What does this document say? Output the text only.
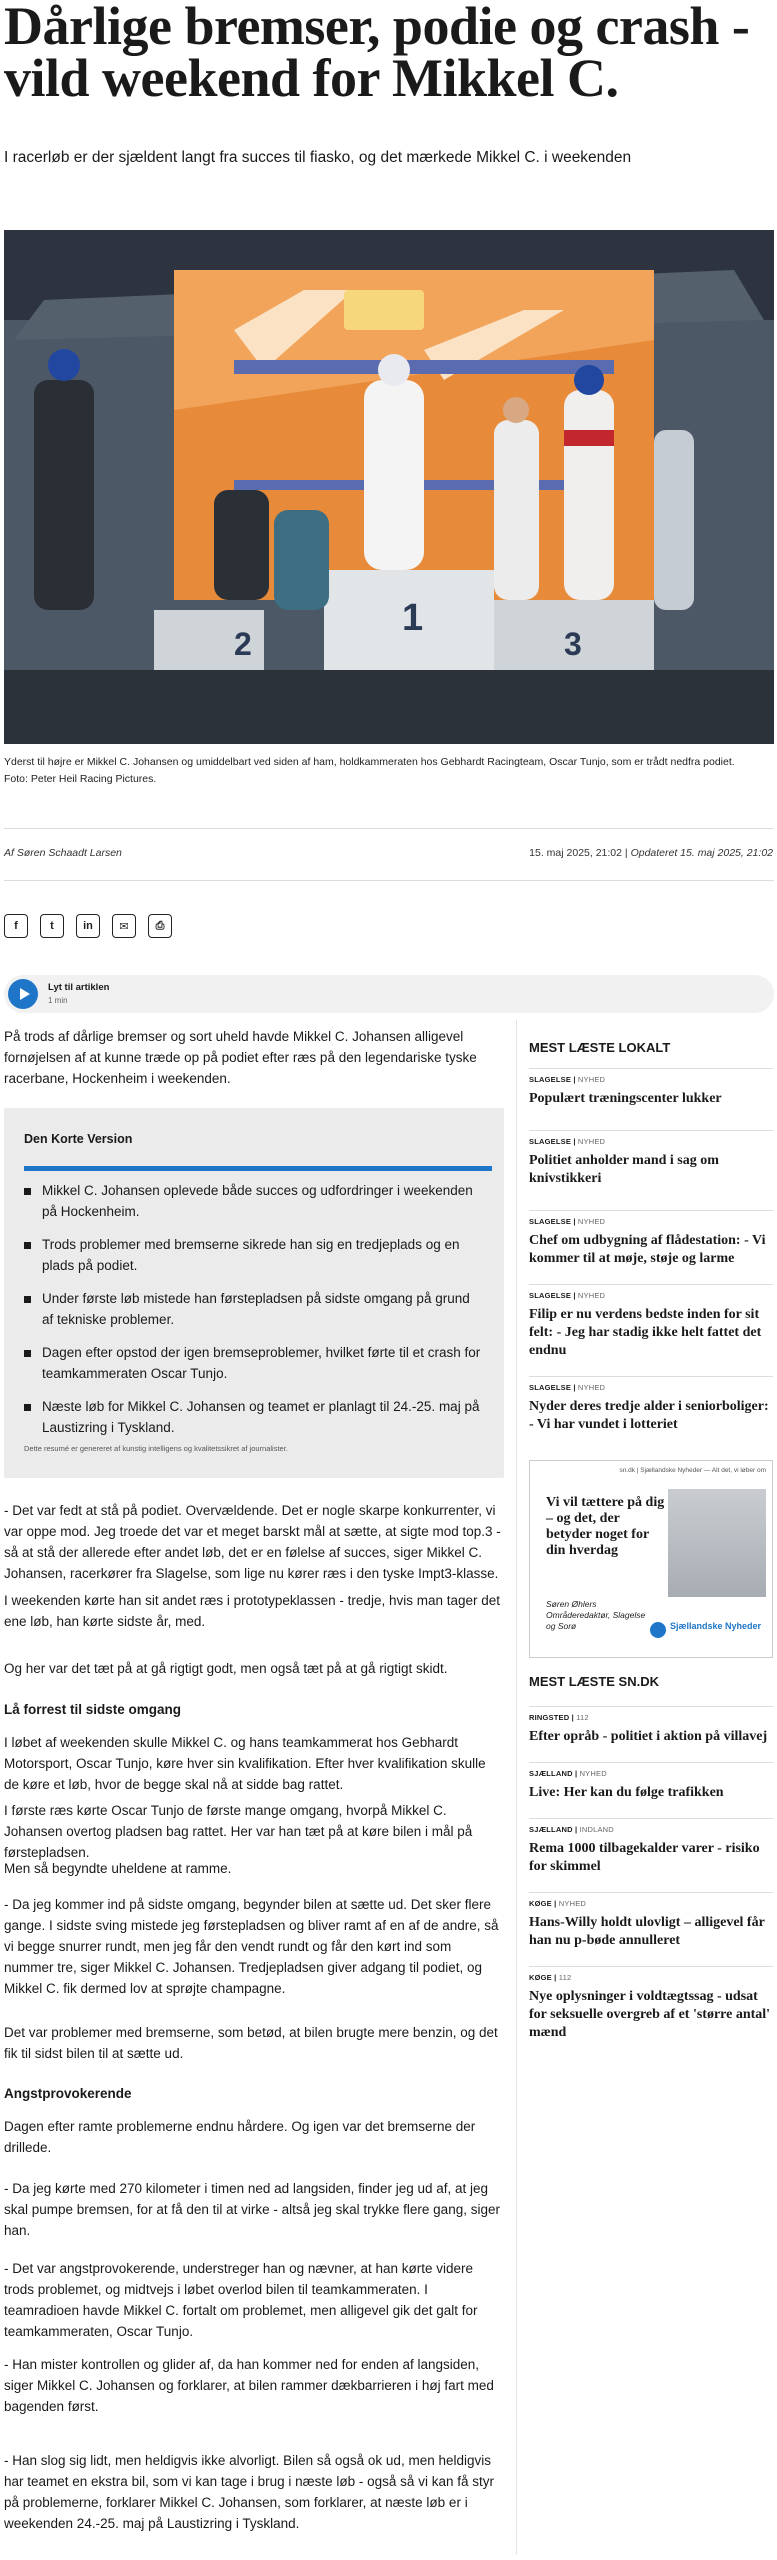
Dårlige bremser, podie og crash -
vild weekend for Mikkel C.
I racerløb er der sjældent langt fra succes til fiasko, og det mærkede Mikkel C. i weekenden
2
1
3
Yderst til højre er Mikkel C. Johansen og umiddelbart ved siden af ham, holdkammeraten hos Gebhardt Racingteam, Oscar Tunjo, som er trådt nedfra podiet.
Foto: Peter Heil Racing Pictures.
Af Søren Schaadt Larsen	15. maj 2025, 21:02 | Opdateret 15. maj 2025, 21:02
f	t	in	✉	⎙
Lyt til artiklen
1 min
På trods af dårlige bremser og sort uheld havde Mikkel C. Johansen alligevel fornøjelsen af at kunne træde op på podiet efter ræs på den legendariske tyske racerbane, Hockenheim i weekenden.
Den Korte Version
Mikkel C. Johansen oplevede både succes og udfordringer i weekenden på Hockenheim.
Trods problemer med bremserne sikrede han sig en tredjeplads og en plads på podiet.
Under første løb mistede han førstepladsen på sidste omgang på grund af tekniske problemer.
Dagen efter opstod der igen bremseproblemer, hvilket førte til et crash for teamkammeraten Oscar Tunjo.
Næste løb for Mikkel C. Johansen og teamet er planlagt til 24.-25. maj på Laustizring i Tyskland.
Dette resumé er genereret af kunstig intelligens og kvalitetssikret af journalister.
- Det var fedt at stå på podiet. Overvældende. Det er nogle skarpe konkurrenter, vi var oppe mod. Jeg troede det var et meget barskt mål at sætte, at sigte mod top.3 - så at stå der allerede efter andet løb, det er en følelse af succes, siger Mikkel C. Johansen, racerkører fra Slagelse, som lige nu kører ræs i den tyske Impt3-klasse.
I weekenden kørte han sit andet ræs i prototypeklassen - tredje, hvis man tager det ene løb, han kørte sidste år, med.
Og her var det tæt på at gå rigtigt godt, men også tæt på at gå rigtigt skidt.
Lå forrest til sidste omgang
I løbet af weekenden skulle Mikkel C. og hans teamkammerat hos Gebhardt Motorsport, Oscar Tunjo, køre hver sin kvalifikation. Efter hver kvalifikation skulle de køre et løb, hvor de begge skal nå at sidde bag rattet.
I første ræs kørte Oscar Tunjo de første mange omgang, hvorpå Mikkel C. Johansen overtog pladsen bag rattet. Her var han tæt på at køre bilen i mål på førstepladsen.
Men så begyndte uheldene at ramme.
- Da jeg kommer ind på sidste omgang, begynder bilen at sætte ud. Det sker flere gange. I sidste sving mistede jeg førstepladsen og bliver ramt af en af de andre, så vi begge snurrer rundt, men jeg får den vendt rundt og får den kørt ind som nummer tre, siger Mikkel C. Johansen. Tredjepladsen giver adgang til podiet, og Mikkel C. fik dermed lov at sprøjte champagne.
Det var problemer med bremserne, som betød, at bilen brugte mere benzin, og det fik til sidst bilen til at sætte ud.
Angstprovokerende
Dagen efter ramte problemerne endnu hårdere. Og igen var det bremserne der drillede.
- Da jeg kørte med 270 kilometer i timen ned ad langsiden, finder jeg ud af, at jeg skal pumpe bremsen, for at få den til at virke - altså jeg skal trykke flere gang, siger han.
- Det var angstprovokerende, understreger han og nævner, at han kørte videre trods problemet, og midtvejs i løbet overlod bilen til teamkammeraten. I teamradioen havde Mikkel C. fortalt om problemet, men alligevel gik det galt for teamkammeraten, Oscar Tunjo.
- Han mister kontrollen og glider af, da han kommer ned for enden af langsiden, siger Mikkel C. Johansen og forklarer, at bilen rammer dækbarrieren i høj fart med bagenden først.
- Han slog sig lidt, men heldigvis ikke alvorligt. Bilen så også ok ud, men heldigvis har teamet en ekstra bil, som vi kan tage i brug i næste løb - også så vi kan få styr på problemerne, forklarer Mikkel C. Johansen, som forklarer, at næste løb er i weekenden 24.-25. maj på Laustizring i Tyskland.
MEST LÆSTE LOKALT
SLAGELSE | NYHED
Populært træningscenter lukker
SLAGELSE | NYHED
Politiet anholder mand i sag om knivstikkeri
SLAGELSE | NYHED
Chef om udbygning af flådestation: - Vi kommer til at møje, støje og larme
SLAGELSE | NYHED
Filip er nu verdens bedste inden for sit felt: - Jeg har stadig ikke helt fattet det endnu
SLAGELSE | NYHED
Nyder deres tredje alder i seniorboliger: - Vi har vundet i lotteriet
sn.dk | Sjællandske Nyheder — Alt det, vi løber om
Vi vil tættere på dig – og det, der betyder noget for din hverdag
Søren Øhlers Områderedaktør, Slagelse og Sorø	Sjællandske Nyheder
MEST LÆSTE SN.DK
RINGSTED | 112
Efter opråb - politiet i aktion på villavej
SJÆLLAND | NYHED
Live: Her kan du følge trafikken
SJÆLLAND | INDLAND
Rema 1000 tilbagekalder varer - risiko for skimmel
KØGE | NYHED
Hans-Willy holdt ulovligt – alligevel får han nu p-bøde annulleret
KØGE | 112
Nye oplysninger i voldtægtssag - udsat for seksuelle overgreb af et 'større antal' mænd
